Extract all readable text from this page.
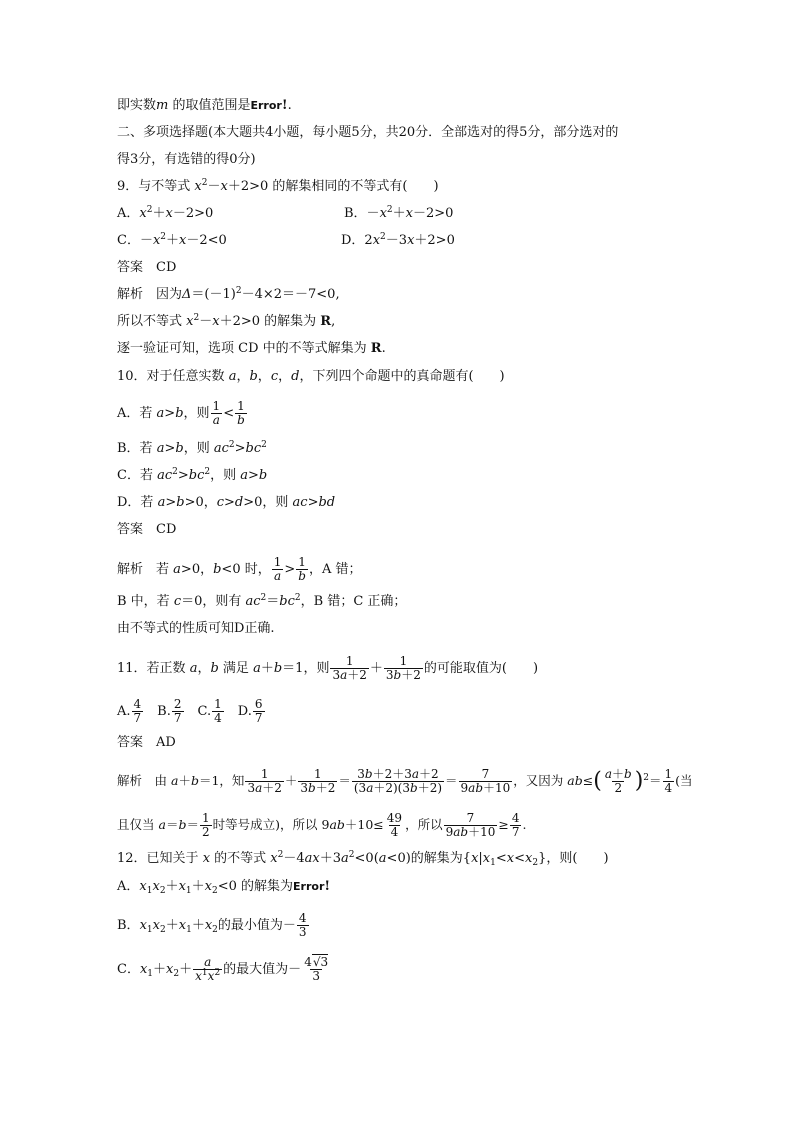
即实数m 的取值范围是Error!.
二、多项选择题(本大题共4小题，每小题5分，共20分．全部选对的得5分，部分选对的
得3分，有选错的得0分)
9．与不等式 $x^2-x+2>0$ 的解集相同的不等式有(　　)
A．$x^2+x-2>0$	B．$-x^2+x-2>0$
C．$-x^2+x-2<0$	D．$2x^2-3x+2>0$
答案　 CD
解析　因为$\Delta=(-1)^2-4\times 2=-7<0$,
所以不等式 $x^2-x+2>0$ 的解集为 R,
逐一验证可知，选项 CD 中的不等式解集为 R.
10．对于任意实数 a，b，c，d，下列四个命题中的真命题有(　　)
A．若 a>b，则 $\frac{1}{a} < \frac{1}{b}$
B．若 a>b，则 $ac^2>bc^2$
C．若 $ac^2>bc^2$，则 a>b
D．若 a>b>0，c>d>0，则 ac>bd
答案　 CD
解析　若 a>0，b<0 时， $\frac{1}{a} > \frac{1}{b}$ ，A 错；
B 中，若 c＝0，则有 $ac^2=bc^2$，B 错；C 正确；
由不等式的性质可知D正确.
11．若正数 a，b 满足 a＋b＝1，则 $\frac{1}{3a+2} + \frac{1}{3b+2}$ 的可能取值为(　　)
A. $\frac{4}{7}$ 　B. $\frac{2}{7}$ 　C. $\frac{1}{4}$ 　D. $\frac{6}{7}$
答案　 AD
解析　由 a＋b＝1，知 $\frac{1}{3a+2} + \frac{1}{3b+2} = \frac{3b+2+3a+2}{(3a+2)(3b+2)} = \frac{7}{9ab+10}$ ，又因为 $ab\le( \frac{a+b}{2} )^2= \frac{1}{4}$ (当
且仅当 $a=b= \frac{1}{2}$ 时等号成立)，所以 $9ab+10\le \frac{49}{4}$ ，所以 $\frac{7}{9ab+10} \ge \frac{4}{7}$ .
12．已知关于 x 的不等式 $x^2-4ax+3a^2<0(a<0)$的解集为$\{x|x_1<x<x_2\}$，则(　　)
A．$x_1x_2+x_1+x_2<0$ 的解集为Error!
B．$x_1x_2+x_1+x_2$的最小值为－ $\frac{4}{3}$
C．$x_1+x_2+ \frac{a}{x^1x^2}$ 的最大值为－ $\frac{4√3}{3}$
